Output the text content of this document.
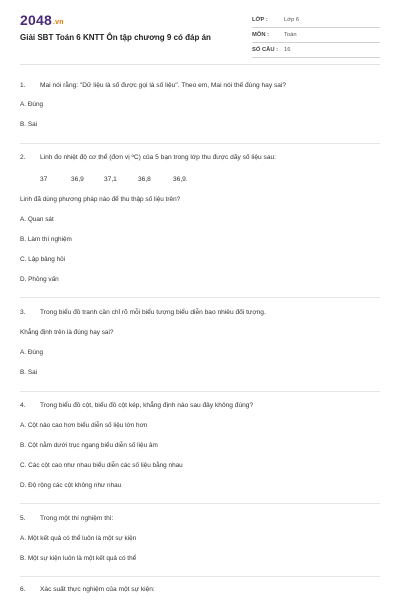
2048.vn
Giải SBT Toán 6 KNTT Ôn tập chương 9 có đáp án
LỚP :	Lớp 6
MÔN :	Toán
SỐ CÂU : 16
1. Mai nói rằng: "Dữ liệu là số được gọi là số liệu". Theo em, Mai nói thế đúng hay sai?
A. Đúng
B. Sai
2. Linh đo nhiệt độ cơ thể (đơn vị ºC) của 5 bạn trong lớp thu được dãy số liệu sau:
37	36,9	37,1	36,8	36,9.
Linh đã dùng phương pháp nào để thu thập số liệu trên?
A. Quan sát
B. Làm thí nghiệm
C. Lập bảng hỏi
D. Phỏng vấn
3. Trong biểu đồ tranh cần chỉ rõ mỗi biểu tượng biểu diễn bao nhiêu đối tượng.
Khẳng định trên là đúng hay sai?
A. Đúng
B. Sai
4. Trong biểu đồ cột, biểu đồ cột kép, khẳng định nào sau đây không đúng?
A. Cột nào cao hơn biểu diễn số liệu lớn hơn
B. Cột nằm dưới trục ngang biểu diễn số liệu âm
C. Các cột cao như nhau biểu diễn các số liệu bằng nhau
D. Độ rộng các cột không như nhau
5. Trong một thí nghiệm thì:
A. Một kết quả có thể luôn là một sự kiện
B. Một sự kiện luôn là một kết quả có thể
6. Xác suất thực nghiệm của một sự kiện:
